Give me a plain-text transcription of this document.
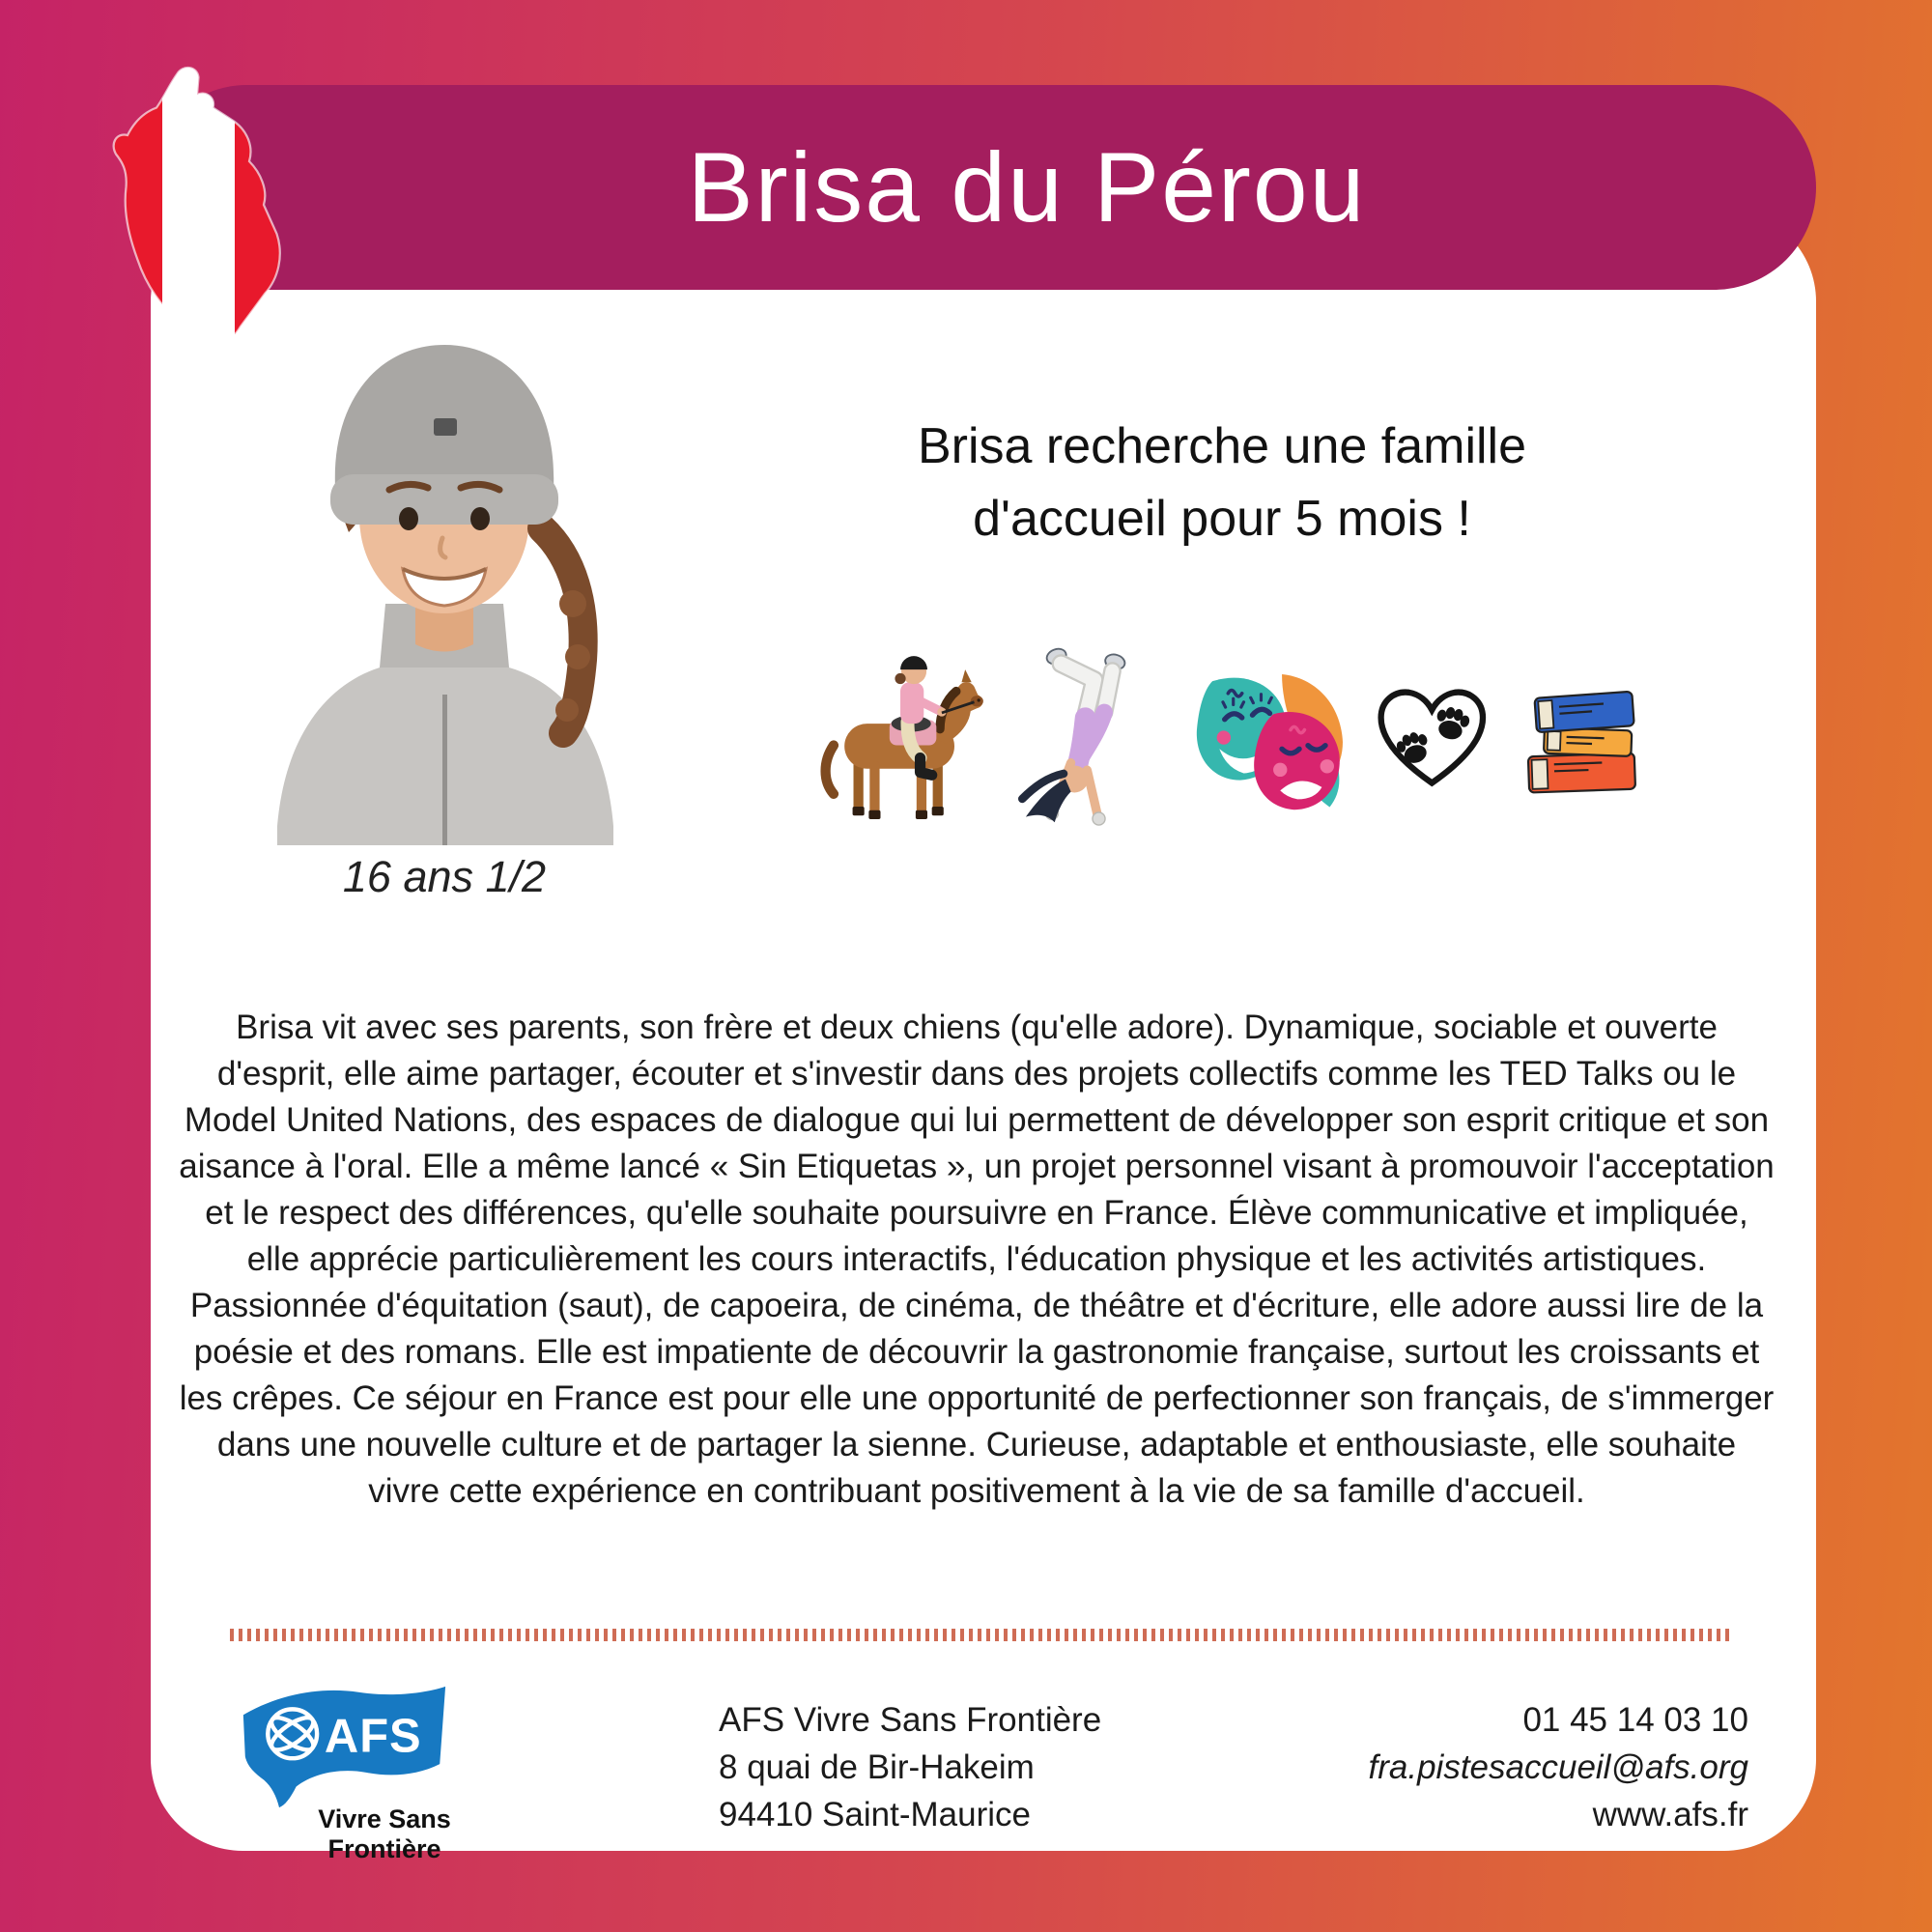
Brisa du Pérou
16 ans 1/2
Brisa recherche une famille
d'accueil pour 5 mois !

Brisa vit avec ses parents, son frère et deux chiens (qu'elle adore). Dynamique, sociable et ouverte d'esprit, elle aime partager, écouter et s'investir dans des projets collectifs comme les TED Talks ou le Model United Nations, des espaces de dialogue qui lui permettent de développer son esprit critique et son aisance à l'oral. Elle a même lancé « Sin Etiquetas », un projet personnel visant à promouvoir l'acceptation et le respect des différences, qu'elle souhaite poursuivre en France. Élève communicative et impliquée, elle apprécie particulièrement les cours interactifs, l'éducation physique et les activités artistiques. Passionnée d'équitation (saut), de capoeira, de cinéma, de théâtre et d'écriture, elle adore aussi lire de la poésie et des romans. Elle est impatiente de découvrir la gastronomie française, surtout les croissants et les crêpes. Ce séjour en France est pour elle une opportunité de perfectionner son français, de s'immerger dans une nouvelle culture et de partager la sienne. Curieuse, adaptable et enthousiaste, elle souhaite vivre cette expérience en contribuant positivement à la vie de sa famille d'accueil.

AFS
Vivre Sans
Frontière
AFS Vivre Sans Frontière
8 quai de Bir-Hakeim
94410 Saint-Maurice
01 45 14 03 10
fra.pistesaccueil@afs.org
www.afs.fr
